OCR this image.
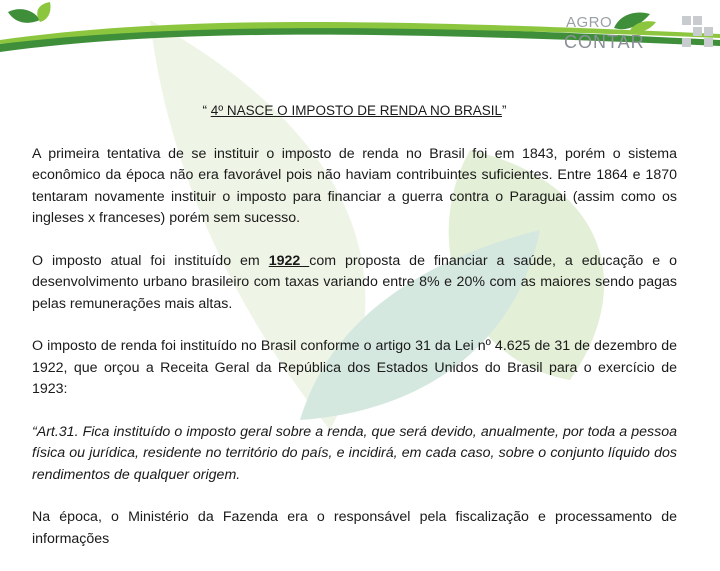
AGRO
CONTAR
“ 4º NASCE O IMPOSTO DE RENDA NO BRASIL”

A primeira tentativa de se instituir o imposto de renda no Brasil foi em 1843, porém o sistema econômico da época não era favorável pois não haviam contribuintes suficientes. Entre 1864 e 1870 tentaram novamente instituir o imposto para financiar a guerra contra o Paraguai (assim como os ingleses x franceses) porém sem sucesso.

O imposto atual foi instituído em 1922 com proposta de financiar a saúde, a educação e o desenvolvimento urbano brasileiro com taxas variando entre 8% e 20% com as maiores sendo pagas pelas remunerações mais altas.

O imposto de renda foi instituído no Brasil conforme o artigo 31 da Lei nº 4.625 de 31 de dezembro de 1922, que orçou a Receita Geral da República dos Estados Unidos do Brasil para o exercício de 1923:

“Art.31. Fica instituído o imposto geral sobre a renda, que será devido, anualmente, por toda a pessoa física ou jurídica, residente no território do país, e incidirá, em cada caso, sobre o conjunto líquido dos rendimentos de qualquer origem.

Na época, o Ministério da Fazenda era o responsável pela fiscalização e processamento de informações
